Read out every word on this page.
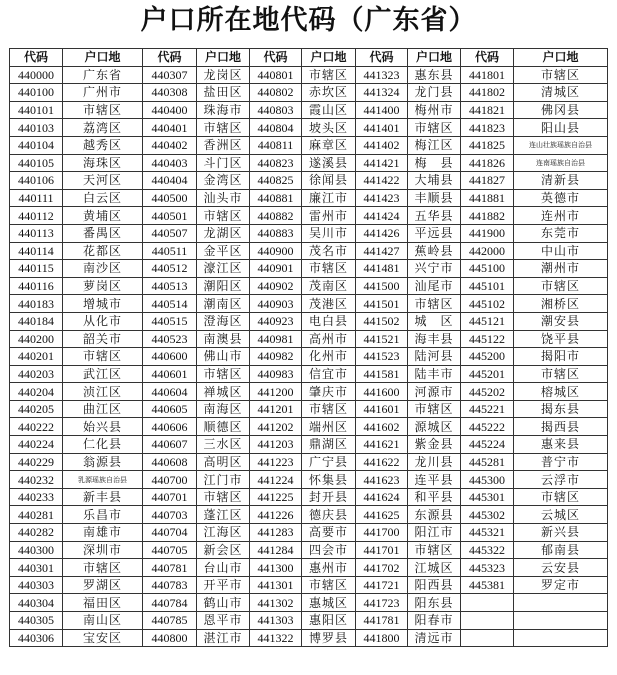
户口所在地代码（广东省）
代码	户口地	代码	户口地	代码	户口地	代码	户口地	代码	户口地
440000	广东省	440307	龙岗区	440801	市辖区	441323	惠东县	441801	市辖区
440100	广州市	440308	盐田区	440802	赤坎区	441324	龙门县	441802	清城区
440101	市辖区	440400	珠海市	440803	霞山区	441400	梅州市	441821	佛冈县
440103	荔湾区	440401	市辖区	440804	坡头区	441401	市辖区	441823	阳山县
440104	越秀区	440402	香洲区	440811	麻章区	441402	梅江区	441825	连山壮族瑶族自治县
440105	海珠区	440403	斗门区	440823	遂溪县	441421	梅　县	441826	连南瑶族自治县
440106	天河区	440404	金湾区	440825	徐闻县	441422	大埔县	441827	清新县
440111	白云区	440500	汕头市	440881	廉江市	441423	丰顺县	441881	英德市
440112	黄埔区	440501	市辖区	440882	雷州市	441424	五华县	441882	连州市
440113	番禺区	440507	龙湖区	440883	吴川市	441426	平远县	441900	东莞市
440114	花都区	440511	金平区	440900	茂名市	441427	蕉岭县	442000	中山市
440115	南沙区	440512	濠江区	440901	市辖区	441481	兴宁市	445100	潮州市
440116	萝岗区	440513	潮阳区	440902	茂南区	441500	汕尾市	445101	市辖区
440183	增城市	440514	潮南区	440903	茂港区	441501	市辖区	445102	湘桥区
440184	从化市	440515	澄海区	440923	电白县	441502	城　区	445121	潮安县
440200	韶关市	440523	南澳县	440981	高州市	441521	海丰县	445122	饶平县
440201	市辖区	440600	佛山市	440982	化州市	441523	陆河县	445200	揭阳市
440203	武江区	440601	市辖区	440983	信宜市	441581	陆丰市	445201	市辖区
440204	浈江区	440604	禅城区	441200	肇庆市	441600	河源市	445202	榕城区
440205	曲江区	440605	南海区	441201	市辖区	441601	市辖区	445221	揭东县
440222	始兴县	440606	顺德区	441202	端州区	441602	源城区	445222	揭西县
440224	仁化县	440607	三水区	441203	鼎湖区	441621	紫金县	445224	惠来县
440229	翁源县	440608	高明区	441223	广宁县	441622	龙川县	445281	普宁市
440232	乳源瑶族自治县	440700	江门市	441224	怀集县	441623	连平县	445300	云浮市
440233	新丰县	440701	市辖区	441225	封开县	441624	和平县	445301	市辖区
440281	乐昌市	440703	蓬江区	441226	德庆县	441625	东源县	445302	云城区
440282	南雄市	440704	江海区	441283	高要市	441700	阳江市	445321	新兴县
440300	深圳市	440705	新会区	441284	四会市	441701	市辖区	445322	郁南县
440301	市辖区	440781	台山市	441300	惠州市	441702	江城区	445323	云安县
440303	罗湖区	440783	开平市	441301	市辖区	441721	阳西县	445381	罗定市
440304	福田区	440784	鹤山市	441302	惠城区	441723	阳东县		
440305	南山区	440785	恩平市	441303	惠阳区	441781	阳春市		
440306	宝安区	440800	湛江市	441322	博罗县	441800	清远市		
